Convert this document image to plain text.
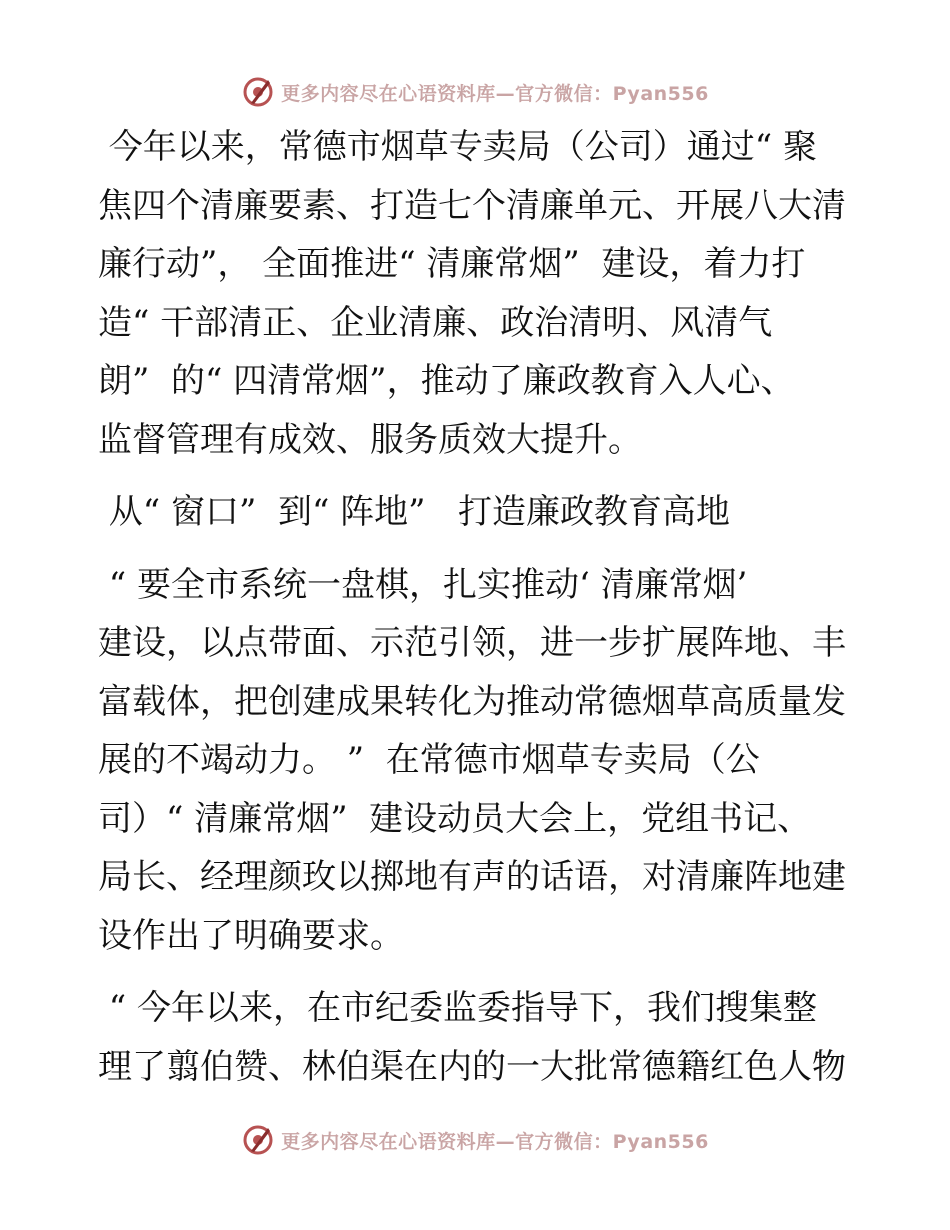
更多内容尽在心语资料库—官方微信：Pyan556
今年以来，常德市烟草专卖局（公司）通过“ 聚
焦四个清廉要素、打造七个清廉单元、开展八大清
廉行动”， 全面推进“ 清廉常烟”  建设，着力打
造“ 干部清正、企业清廉、政治清明、风清气
朗”  的“ 四清常烟”，推动了廉政教育入人心、
监督管理有成效、服务质效大提升。
从“ 窗口”  到“ 阵地”   打造廉政教育高地
“ 要全市系统一盘棋，扎实推动‘ 清廉常烟’
建设，以点带面、示范引领，进一步扩展阵地、丰
富载体，把创建成果转化为推动常德烟草高质量发
展的不竭动力。 ”  在常德市烟草专卖局（公
司）“ 清廉常烟”  建设动员大会上，党组书记、
局长、经理颜玫以掷地有声的话语，对清廉阵地建
设作出了明确要求。
“ 今年以来，在市纪委监委指导下，我们搜集整
理了翦伯赞、林伯渠在内的一大批常德籍红色人物
更多内容尽在心语资料库—官方微信：Pyan556
